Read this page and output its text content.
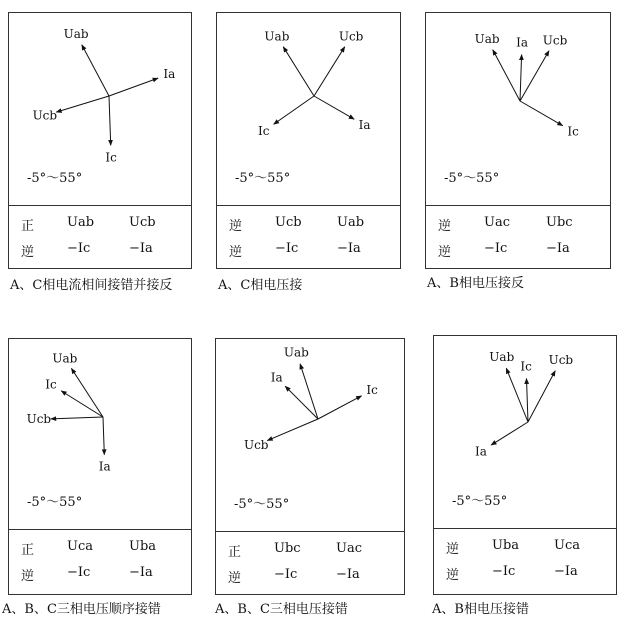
Uab
Ia
Ucb
Ic
-5°～55°
正	Uab	Ucb
逆	−Ic	−Ia
A、C相电流相间接错并接反
Uab	Ucb
Ic	Ia
-5°～55°
逆	Ucb	Uab
逆	−Ic	−Ia
A、C相电压接
Uab Ia Ucb
Ic
-5°～55°
逆	Uac	Ubc
逆	−Ic	−Ia
A、B相电压接反
Uab
Ic
Ucb
Ia
-5°～55°
正	Uca	Uba
逆	−Ic	−Ia
A、B、C三相电压顺序接错
Uab
Ia
Ic
Ucb
-5°～55°
正	Ubc	Uac
逆	−Ic	−Ia
A、B、C三相电压接错
Uab
Ic Ucb
Ia
-5°～55°
逆	Uba	Uca
逆	−Ic	−Ia
A、B相电压接错
